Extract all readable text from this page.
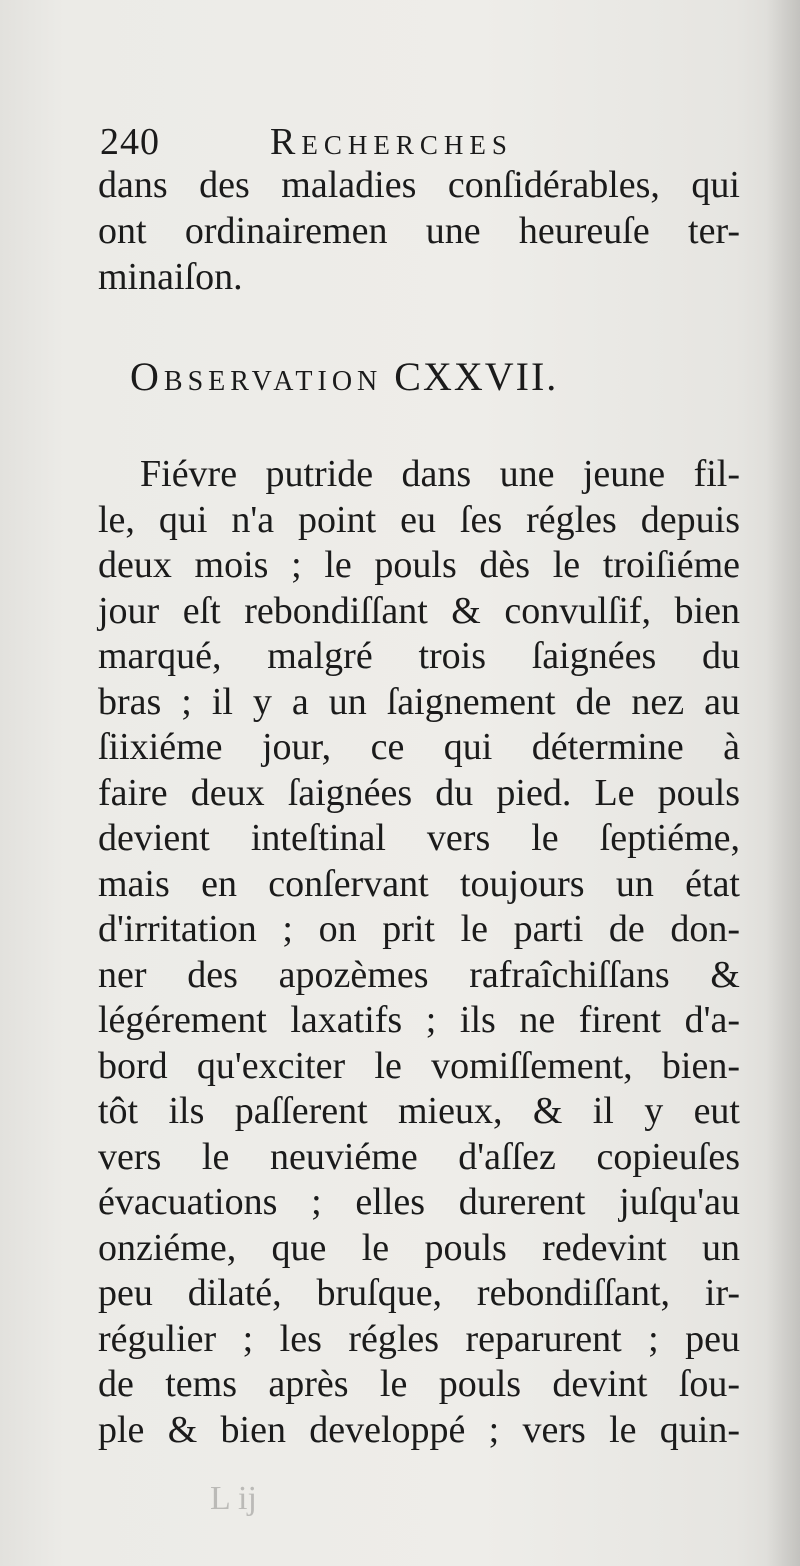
240	Recherches
dans des maladies conſidérables, qui
ont ordinairemen une heureuſe ter-
minaiſon.
Observation CXXVII.
Fiévre putride dans une jeune fil-
le, qui n'a point eu ſes régles depuis
deux mois ; le pouls dès le troiſiéme
jour eſt rebondiſſant & convulſif, bien
marqué, malgré trois ſaignées du
bras ; il y a un ſaignement de nez au
ſiixiéme jour, ce qui détermine à
faire deux ſaignées du pied. Le pouls
devient inteſtinal vers le ſeptiéme,
mais en conſervant toujours un état
d'irritation ; on prit le parti de don-
ner des apozèmes rafraîchiſſans &
légérement laxatifs ; ils ne firent d'a-
bord qu'exciter le vomiſſement, bien-
tôt ils paſſerent mieux, & il y eut
vers le neuviéme d'aſſez copieuſes
évacuations ; elles durerent juſqu'au
onziéme, que le pouls redevint un
peu dilaté, bruſque, rebondiſſant, ir-
régulier ; les régles reparurent ; peu
de tems après le pouls devint ſou-
ple & bien developpé ; vers le quin-
L ij
